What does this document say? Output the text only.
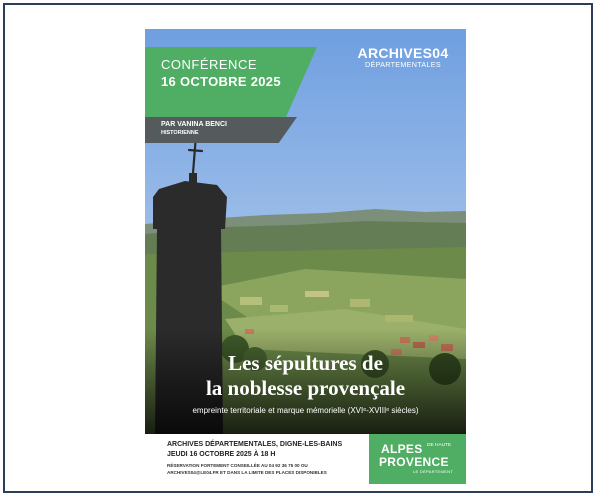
CONFÉRENCE
16 OCTOBRE 2025
PAR VANINA BENCI
HISTORIENNE
ARCHIVES04
DÉPARTEMENTALES
Les sépultures de
la noblesse provençale
empreinte territoriale et marque mémorielle (XVIᵉ-XVIIIᵉ siècles)
ARCHIVES DÉPARTEMENTALES, DIGNE-LES-BAINS
JEUDI 16 OCTOBRE 2025 À 18 H
RÉSERVATION FORTEMENT CONSEILLÉE AU 04 92 36 75 00 OU
ARCHIVES04@LE04.FR ET DANS LA LIMITE DES PLACES DISPONIBLES
ALPES DE HAUTE
PROVENCE
LE DÉPARTEMENT
